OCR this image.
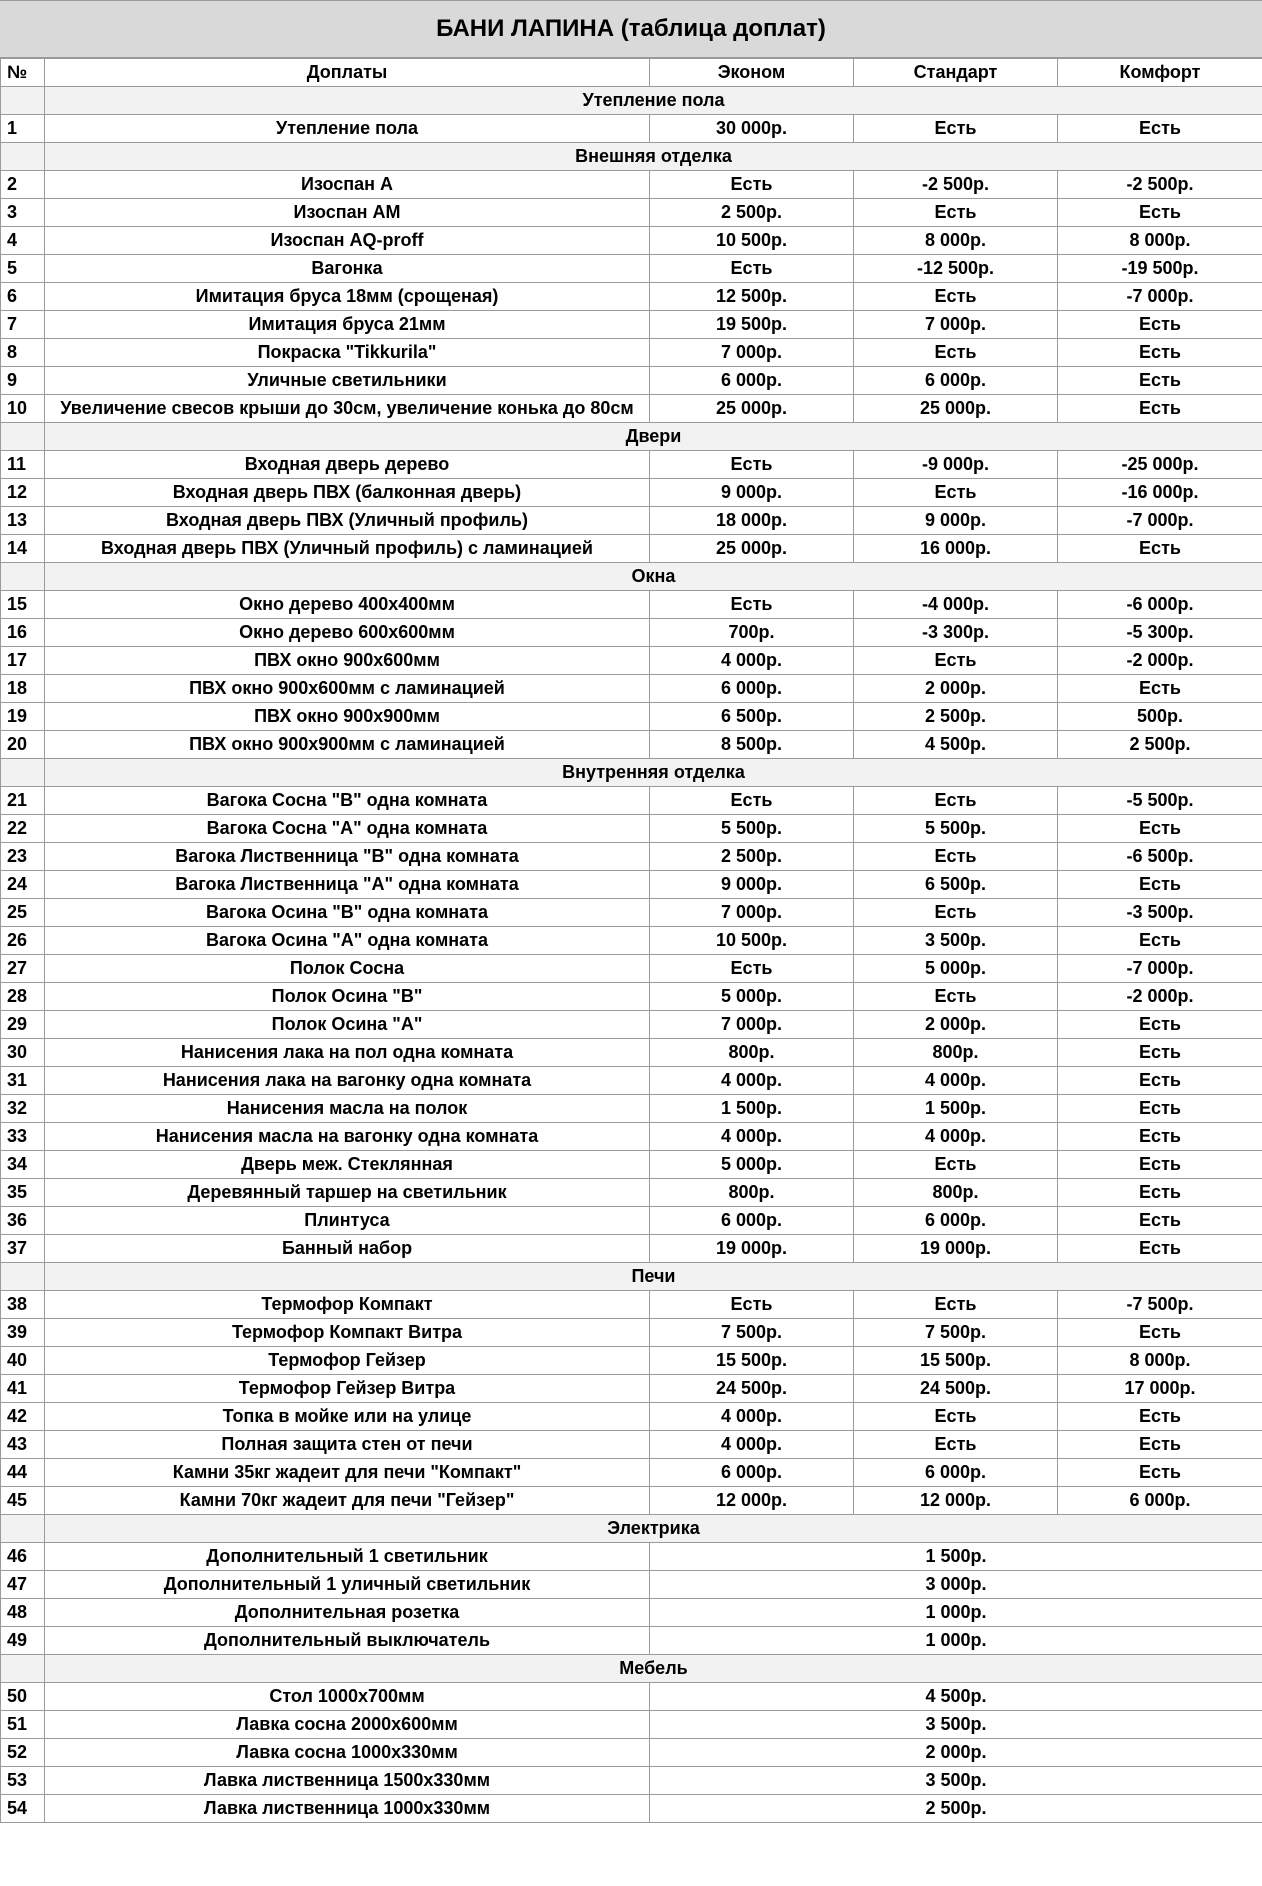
БАНИ ЛАПИНА (таблица доплат)
№	Доплаты	Эконом	Стандарт	Комфорт
	Утепление пола			
1	Утепление пола	30 000р.	Есть	Есть
	Внешняя отделка			
2	Изоспан А	Есть	-2 500р.	-2 500р.
3	Изоспан АМ	2 500р.	Есть	Есть
4	Изоспан AQ-proff	10 500р.	8 000р.	8 000р.
5	Вагонка	Есть	-12 500р.	-19 500р.
6	Имитация бруса 18мм (срощеная)	12 500р.	Есть	-7 000р.
7	Имитация бруса 21мм	19 500р.	7 000р.	Есть
8	Покраска "Tikkurila"	7 000р.	Есть	Есть
9	Уличные светильники	6 000р.	6 000р.	Есть
10	Увеличение свесов крыши до 30см, увеличение конька до 80см	25 000р.	25 000р.	Есть
	Двери			
11	Входная дверь дерево	Есть	-9 000р.	-25 000р.
12	Входная дверь ПВХ (балконная дверь)	9 000р.	Есть	-16 000р.
13	Входная дверь ПВХ (Уличный профиль)	18 000р.	9 000р.	-7 000р.
14	Входная дверь ПВХ (Уличный профиль) с ламинацией	25 000р.	16 000р.	Есть
	Окна			
15	Окно дерево 400х400мм	Есть	-4 000р.	-6 000р.
16	Окно дерево 600х600мм	700р.	-3 300р.	-5 300р.
17	ПВХ окно 900х600мм	4 000р.	Есть	-2 000р.
18	ПВХ окно 900х600мм с ламинацией	6 000р.	2 000р.	Есть
19	ПВХ окно 900х900мм	6 500р.	2 500р.	500р.
20	ПВХ окно 900х900мм с ламинацией	8 500р.	4 500р.	2 500р.
	Внутренняя отделка			
21	Вагока Сосна "В" одна комната	Есть	Есть	-5 500р.
22	Вагока Сосна "А" одна комната	5 500р.	5 500р.	Есть
23	Вагока Лиственница "В" одна комната	2 500р.	Есть	-6 500р.
24	Вагока Лиственница "А" одна комната	9 000р.	6 500р.	Есть
25	Вагока Осина "В" одна комната	7 000р.	Есть	-3 500р.
26	Вагока Осина "А" одна комната	10 500р.	3 500р.	Есть
27	Полок Сосна	Есть	5 000р.	-7 000р.
28	Полок Осина "В"	5 000р.	Есть	-2 000р.
29	Полок Осина "А"	7 000р.	2 000р.	Есть
30	Нанисения лака на пол одна комната	800р.	800р.	Есть
31	Нанисения лака на вагонку одна комната	4 000р.	4 000р.	Есть
32	Нанисения масла на полок	1 500р.	1 500р.	Есть
33	Нанисения масла на вагонку одна комната	4 000р.	4 000р.	Есть
34	Дверь меж. Стеклянная	5 000р.	Есть	Есть
35	Деревянный таршер на светильник	800р.	800р.	Есть
36	Плинтуса	6 000р.	6 000р.	Есть
37	Банный набор	19 000р.	19 000р.	Есть
	Печи			
38	Термофор Компакт	Есть	Есть	-7 500р.
39	Термофор Компакт Витра	7 500р.	7 500р.	Есть
40	Термофор Гейзер	15 500р.	15 500р.	8 000р.
41	Термофор Гейзер Витра	24 500р.	24 500р.	17 000р.
42	Топка в мойке или на улице	4 000р.	Есть	Есть
43	Полная защита стен от печи	4 000р.	Есть	Есть
44	Камни 35кг жадеит для печи "Компакт"	6 000р.	6 000р.	Есть
45	Камни 70кг жадеит для печи "Гейзер"	12 000р.	12 000р.	6 000р.
	Электрика			
46	Дополнительный 1 светильник	1 500р.		
47	Дополнительный 1 уличный светильник	3 000р.		
48	Дополнительная розетка	1 000р.		
49	Дополнительный выключатель	1 000р.		
	Мебель			
50	Стол 1000х700мм	4 500р.		
51	Лавка сосна 2000х600мм	3 500р.		
52	Лавка сосна 1000х330мм	2 000р.		
53	Лавка лиственница 1500х330мм	3 500р.		
54	Лавка лиственница 1000х330мм	2 500р.		
